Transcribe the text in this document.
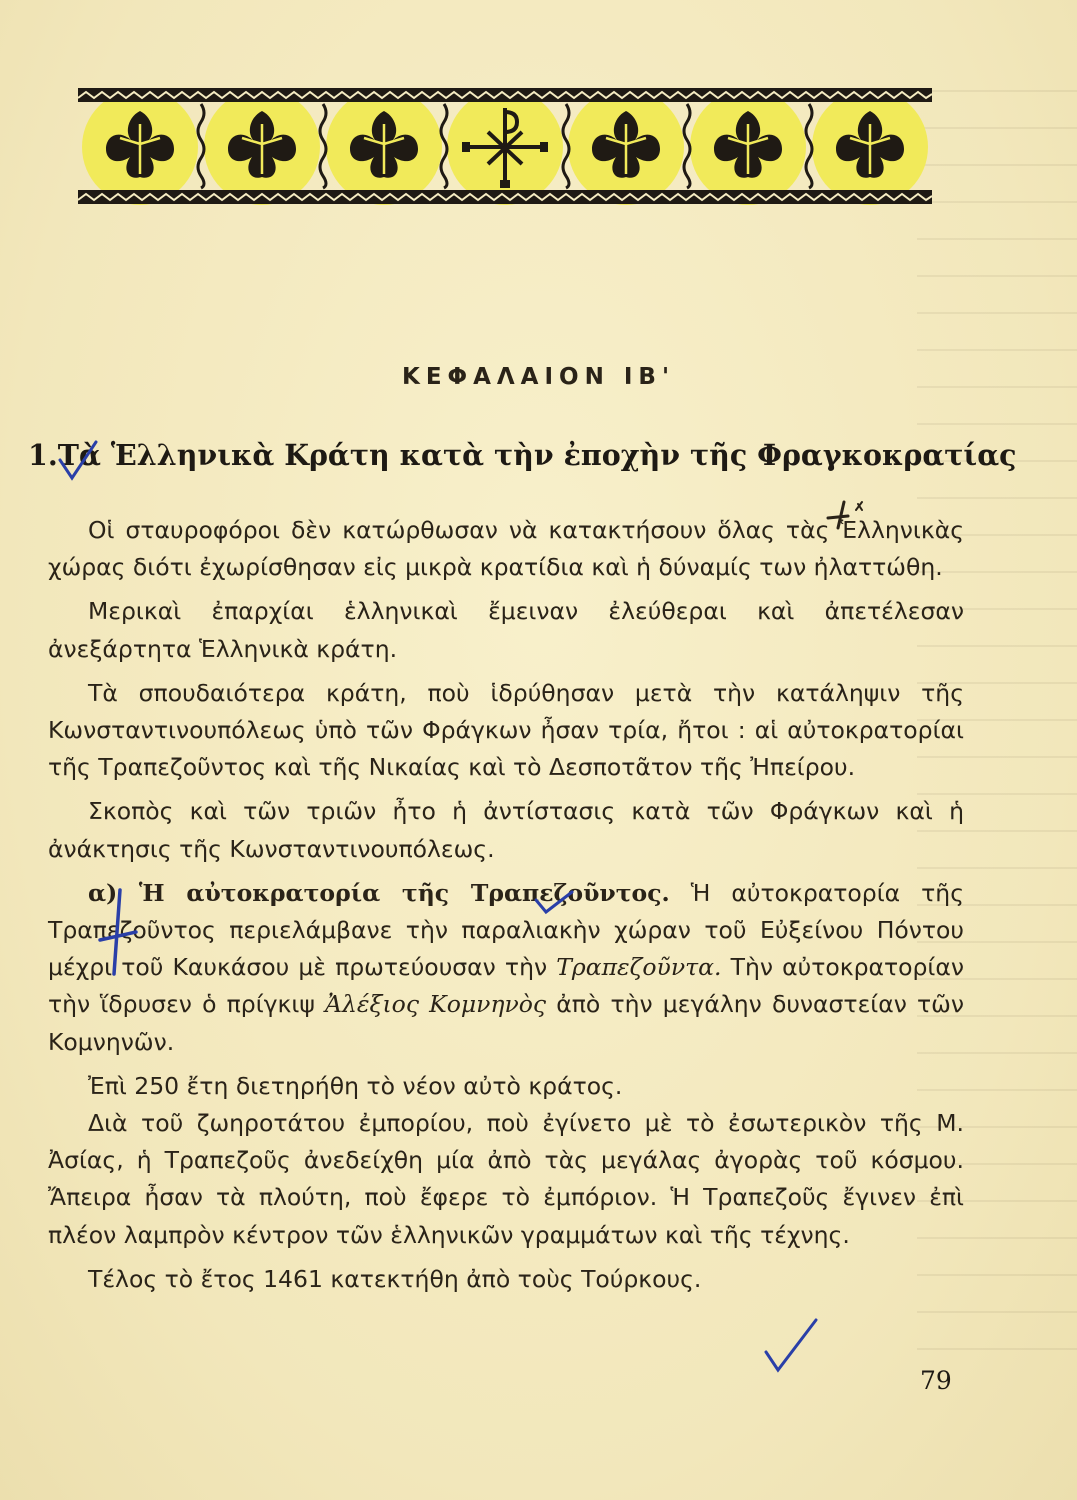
ΚΕΦΑΛΑΙΟΝ ΙΒ'
1.Τὰ Ἑλληνικὰ Κράτη κατὰ τὴν ἐποχὴν τῆς Φραγκοκρατίας

Οἱ σταυροφόροι δὲν κατώρθωσαν νὰ κατακτήσουν ὅλας τὰς Ἑλληνικὰς χώρας διότι ἐχωρίσθησαν εἰς μικρὰ κρατίδια καὶ ἡ δύναμίς των ἠλαττώθη.

Μερικαὶ ἐπαρχίαι ἑλληνικαὶ ἔμειναν ἐλεύθεραι καὶ ἀπετέλεσαν ἀνεξάρτητα Ἑλληνικὰ κράτη.

Τὰ σπουδαιότερα κράτη, ποὺ ἱδρύθησαν μετὰ τὴν κατάληψιν τῆς Κωνσταντινουπόλεως ὑπὸ τῶν Φράγκων ἦσαν τρία, ἤτοι : αἱ αὐτοκρατορίαι τῆς Τραπεζοῦντος καὶ τῆς Νικαίας καὶ τὸ Δεσποτᾶτον τῆς Ἠπείρου.

Σκοπὸς καὶ τῶν τριῶν ἦτο ἡ ἀντίστασις κατὰ τῶν Φράγκων καὶ ἡ ἀνάκτησις τῆς Κωνσταντινουπόλεως.

α) Ἡ αὐτοκρατορία τῆς Τραπεζοῦντος. Ἡ αὐτοκρατορία τῆς Τραπεζοῦντος περιελάμβανε τὴν παραλιακὴν χώραν τοῦ Εὐξείνου Πόντου μέχρι τοῦ Καυκάσου μὲ πρωτεύουσαν τὴν Τραπεζοῦντα. Τὴν αὐτοκρατορίαν τὴν ἵδρυσεν ὁ πρίγκιψ Ἀλέξιος Κομνηνὸς ἀπὸ τὴν μεγάλην δυναστείαν τῶν Κομνηνῶν.

Ἐπὶ 250 ἔτη διετηρήθη τὸ νέον αὐτὸ κράτος.

Διὰ τοῦ ζωηροτάτου ἐμπορίου, ποὺ ἐγίνετο μὲ τὸ ἐσωτερικὸν τῆς Μ. Ἀσίας, ἡ Τραπεζοῦς ἀνεδείχθη μία ἀπὸ τὰς μεγάλας ἀγορὰς τοῦ κόσμου. Ἄπειρα ἦσαν τὰ πλούτη, ποὺ ἔφερε τὸ ἐμπόριον. Ἡ Τραπεζοῦς ἔγινεν ἐπὶ πλέον λαμπρὸν κέντρον τῶν ἑλληνικῶν γραμμάτων καὶ τῆς τέχνης.

Τέλος τὸ ἔτος 1461 κατεκτήθη ἀπὸ τοὺς Τούρκους.

79
